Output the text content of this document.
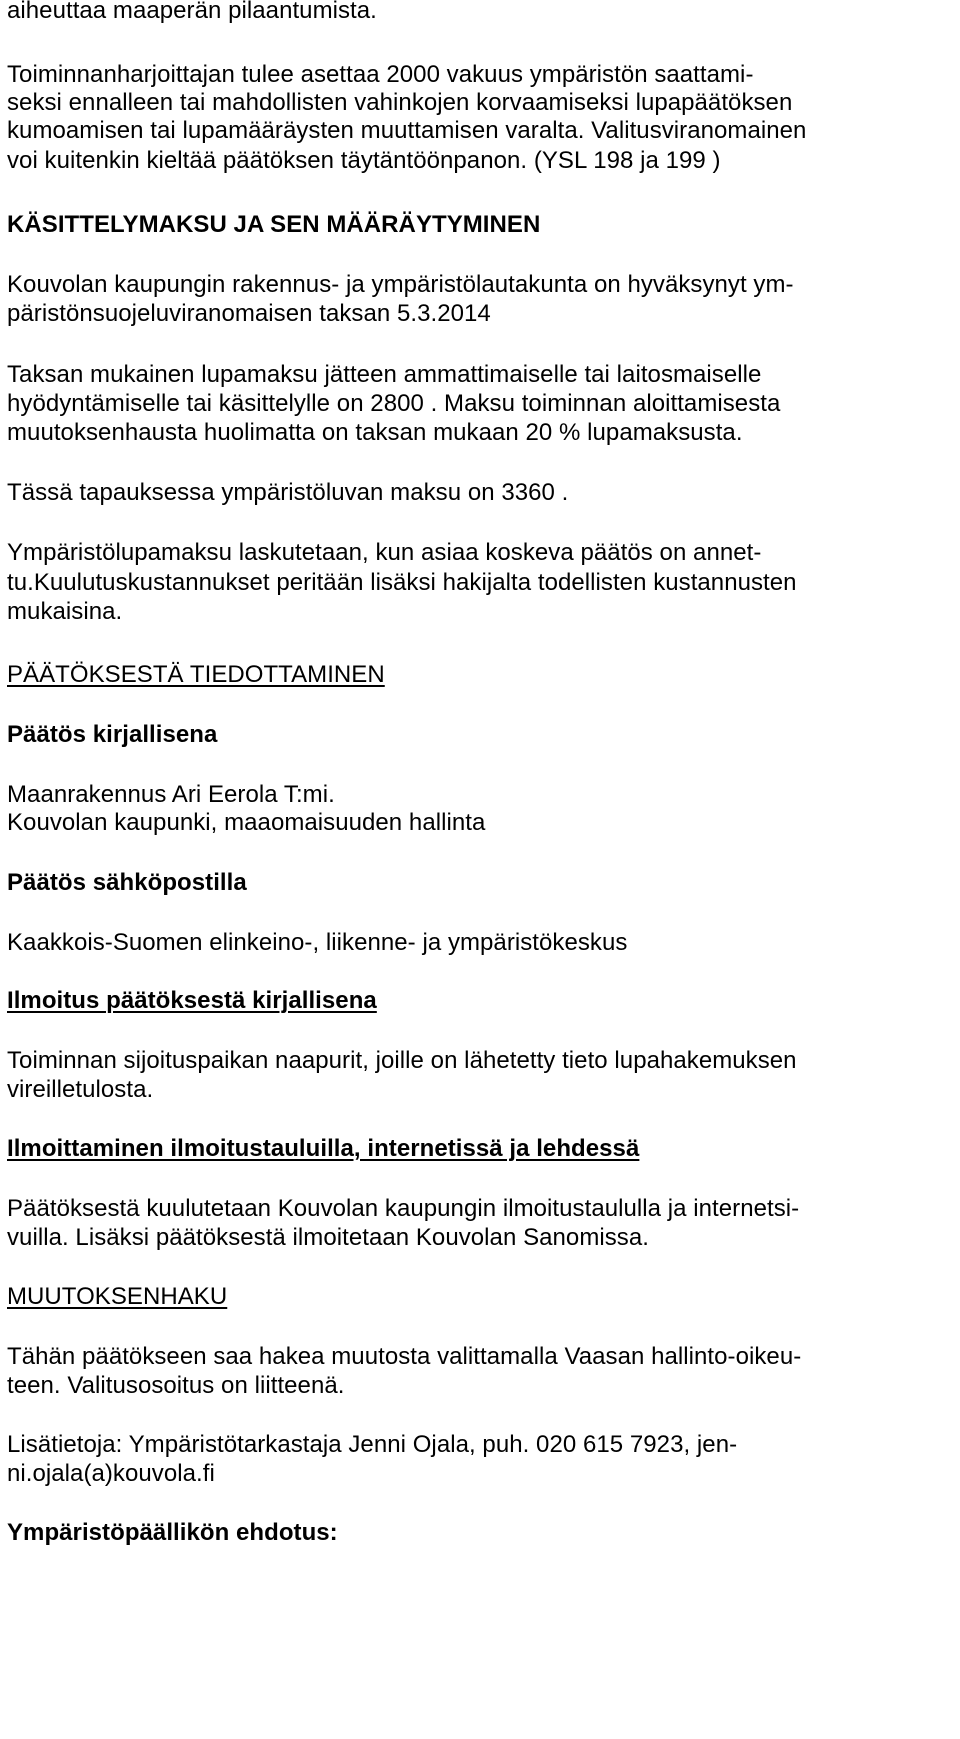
aiheuttaa maaperän pilaantumista.

Toiminnanharjoittajan tulee asettaa 2000 vakuus ympäristön saattami-

seksi ennalleen tai mahdollisten vahinkojen korvaamiseksi lupapäätöksen

kumoamisen tai lupamääräysten muuttamisen varalta. Valitusviranomainen

voi kuitenkin kieltää päätöksen täytäntöönpanon. (YSL 198 ja 199 )

KÄSITTELYMAKSU JA SEN MÄÄRÄYTYMINEN

Kouvolan kaupungin rakennus- ja ympäristölautakunta on hyväksynyt ym-

päristönsuojeluviranomaisen taksan 5.3.2014

Taksan mukainen lupamaksu jätteen ammattimaiselle tai laitosmaiselle

hyödyntämiselle tai käsittelylle on 2800 . Maksu toiminnan aloittamisesta

muutoksenhausta huolimatta on taksan mukaan 20 % lupamaksusta.

Tässä tapauksessa ympäristöluvan maksu on 3360 .

Ympäristölupamaksu laskutetaan, kun asiaa koskeva päätös on annet-

tu.Kuulutuskustannukset peritään lisäksi hakijalta todellisten kustannusten

mukaisina.

PÄÄTÖKSESTÄ TIEDOTTAMINEN

Päätös kirjallisena

Maanrakennus Ari Eerola T:mi.

Kouvolan kaupunki, maaomaisuuden hallinta

Päätös sähköpostilla

Kaakkois-Suomen elinkeino-, liikenne- ja ympäristökeskus

Ilmoitus päätöksestä kirjallisena

Toiminnan sijoituspaikan naapurit, joille on lähetetty tieto lupahakemuksen

vireilletulosta.

Ilmoittaminen ilmoitustauluilla, internetissä ja lehdessä

Päätöksestä kuulutetaan Kouvolan kaupungin ilmoitustaululla ja internetsi-

vuilla. Lisäksi päätöksestä ilmoitetaan Kouvolan Sanomissa.

MUUTOKSENHAKU

Tähän päätökseen saa hakea muutosta valittamalla Vaasan hallinto-oikeu-

teen. Valitusosoitus on liitteenä.

Lisätietoja: Ympäristötarkastaja Jenni Ojala, puh. 020 615 7923, jen-

ni.ojala(a)kouvola.fi

Ympäristöpäällikön ehdotus:
